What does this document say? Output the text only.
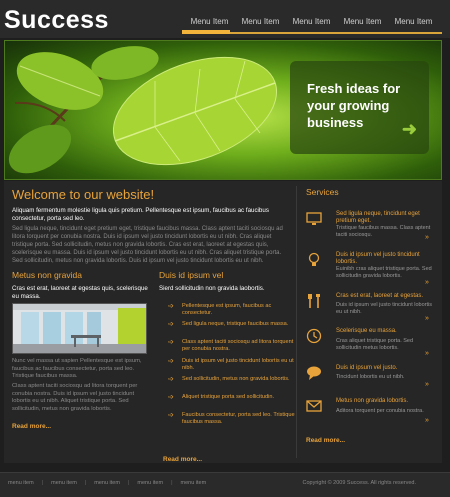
Success	Menu Item	Menu Item	Menu Item	Menu Item	Menu Item

Fresh ideas for your growing business	➜
Welcome to our website!

Aliquam fermentum molestie ligula quis pretium. Pellentesque est ipsum, faucibus ac faucibus consectetur, porta sed leo.

Sed ligula neque, tincidunt eget pretium eget, tristique faucibus massa. Class aptent taciti sociosqu ad litora torquent per conubia nostra. Duis id ipsum vel justo tincidunt lobortis eu ut nibh. Cras aliquet tristique porta. Sed sollicitudin, metus non gravida lobortis. Cras est erat, laoreet at egestas quis, scelerisque eu massa. Duis id ipsum vel justo tincidunt lobortis eu ut nibh. Cras aliquet tristique porta. Sed sollicitudin, metus non gravida lobortis. Duis id ipsum vel justo tincidunt lobortis eu ut nibh.

Metus non gravida

Cras est erat, laoreet at egestas quis, scelerisque eu massa.

Nunc vel massa ut sapien Pellentesque est ipsum, faucibus ac faucibus consectetur, porta sed leo. Tristique faucibus massa.

Class aptent taciti sociosqu ad litora torquent per conubia nostra. Duis id ipsum vel justo tincidunt lobortis eu ut nibh. Aliquet tristique porta. Sed sollicitudin, metus non gravida lobortis.

Read more...
Duis id ipsum vel

Sierd sollicitudin non gravida laobortis.

➩ Pellentesque est ipsum, faucibus ac consectetur.
➩ Sed ligula neque, tristique faucibus massa.
➩ Class aptent taciti sociosqu ad litora torquent per conubia nostra.
➩ Duis id ipsum vel justo tincidunt lobortis eu ut nibh.
➩ Sed sollicitudin, metus non gravida lobortis.
➩ Aliquet tristique porta sed sollicitudin.
➩ Faucibus consectetur, porta sed leo. Tristique faucibus massa.
Read more...
Services
Sed ligula neque, tincidunt eget pretium eget.
Tristique faucibus massa. Class aptent taciti sociosqu.	»
Duis id ipsum vel justo tincidunt lobortis.
Euinibh cras aliquet tristique porta. Sed sollicitudin gravida lobortis.
»
Cras est erat, laoreet at egestas.
Duis id ipsum vel justo tincidunt lobortis eu ut nibh.
»
Scelerisque eu massa.
Cras aliquet tristique porta. Sed sollicitudin metus lobortis.
»
Duis id ipsum vel justo.
Tincidunt lobortis eu ut nibh.
»
Metus non gravida lobortis.
Aditora torquent per conubia nostra.
»
Read more...
menu item | menu item | menu item | menu item | menu item	Copyright © 2009 Success. All rights reserved.
